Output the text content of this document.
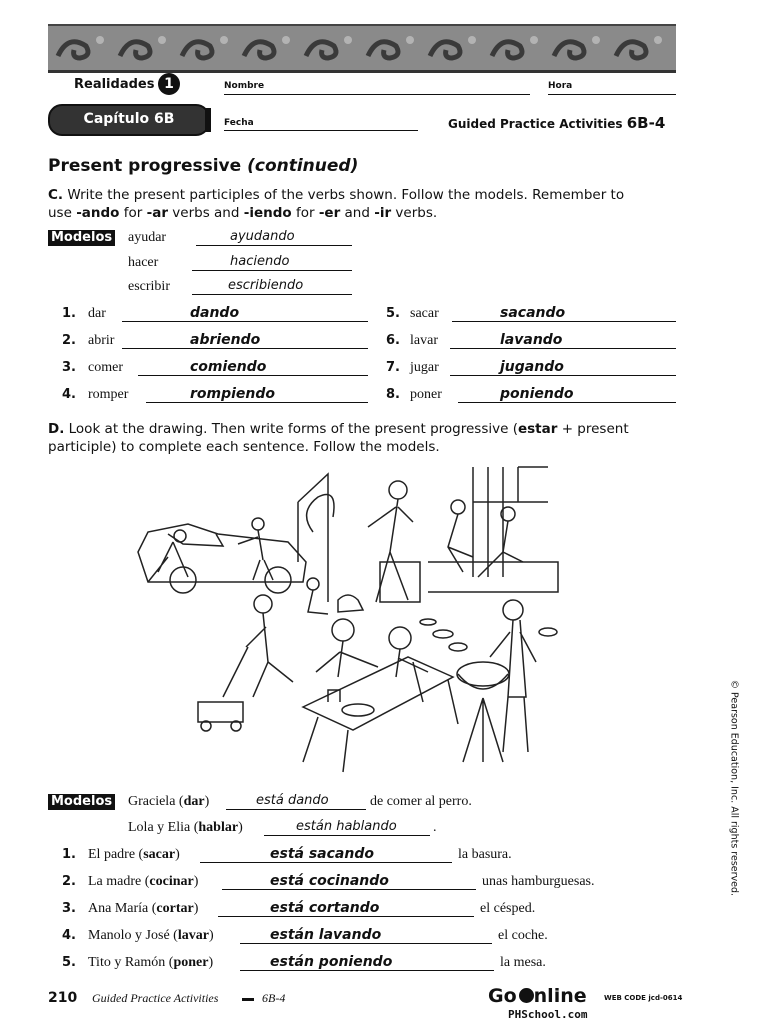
Realidades 1
Capítulo 6B
Nombre	Hora
Fecha	Guided Practice Activities 6B-4
Present progressive (continued)
C. Write the present participles of the verbs shown. Follow the models. Remember to
use -ando for -ar verbs and -iendo for -er and -ir verbs.
Modelos ayudar	ayudando
hacer	haciendo
escribir	escribiendo
1. dar	dando
2. abrir	abriendo
3. comer	comiendo
4. romper	rompiendo
5. sacar	sacando
6. lavar	lavando
7. jugar	jugando
8. poner	poniendo
D. Look at the drawing. Then write forms of the present progressive (estar + present
participle) to complete each sentence. Follow the models.
Modelos Graciela (dar)	está dando	de comer al perro.
Lola y Elia (hablar)	están hablando	.
1. El padre (sacar)	está sacando	la basura.
2. La madre (cocinar)	está cocinando	unas hamburguesas.
3. Ana María (cortar)	está cortando	el césped.
4. Manolo y José (lavar)	están lavando	el coche.
5. Tito y Ramón (poner)	están poniendo	la mesa.
© Pearson Education, Inc. All rights reserved.
210 Guided Practice Activities	6B-4	Go nline WEB CODE jcd-0614
PHSchool.com
